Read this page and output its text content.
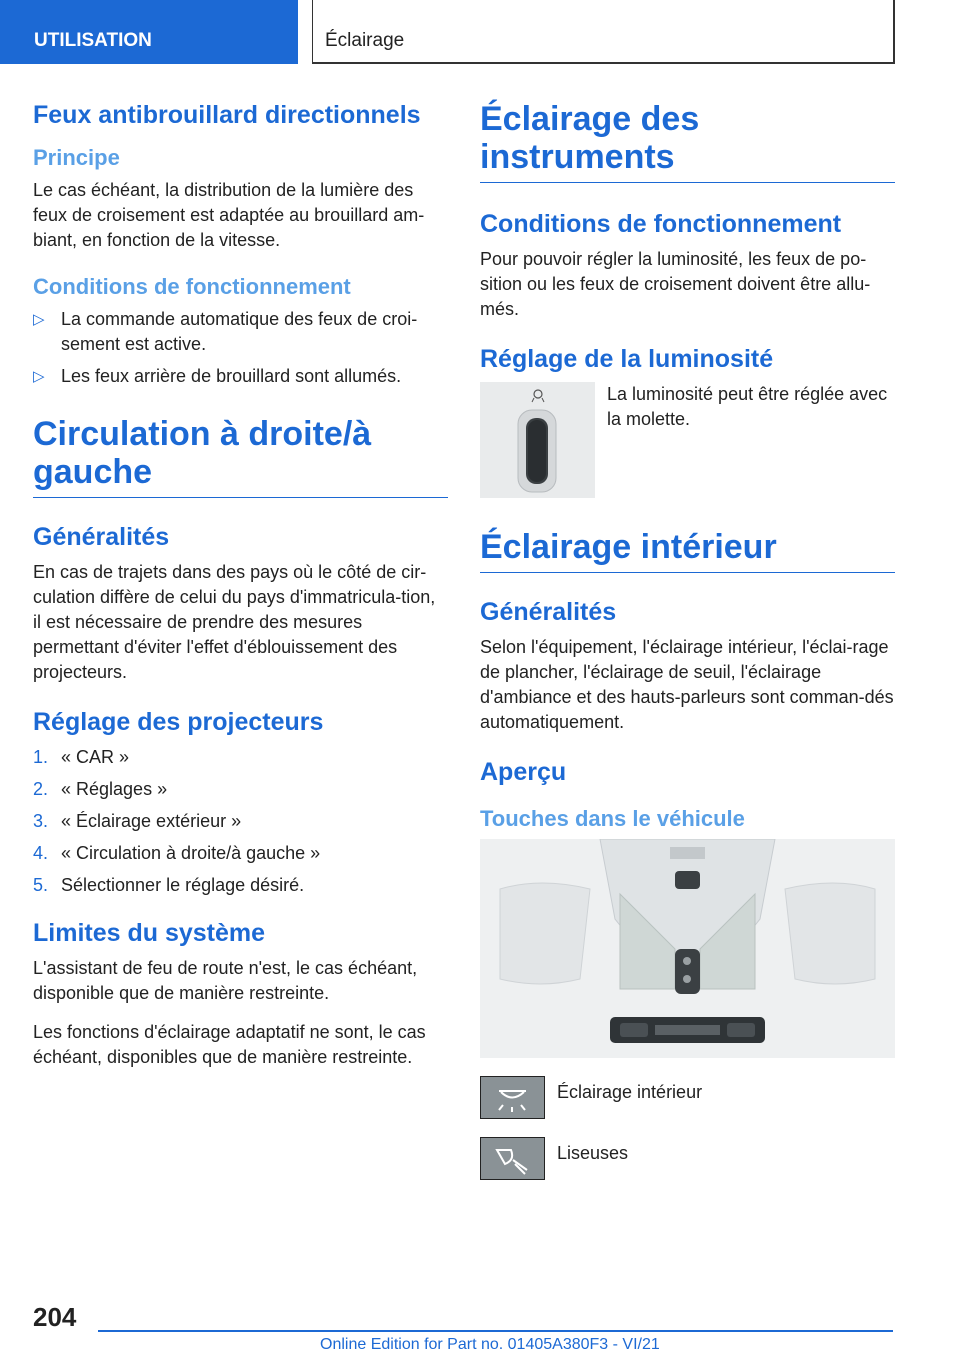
UTILISATION	Éclairage
Feux antibrouillard directionnels
Principe

Le cas échéant, la distribution de la lumière des feux de croisement est adaptée au brouillard am-biant, en fonction de la vitesse.

Conditions de fonctionnement
▷ La commande automatique des feux de croi-sement est active.
▷ Les feux arrière de brouillard sont allumés.
Circulation à droite/à gauche
Généralités

En cas de trajets dans des pays où le côté de cir-culation diffère de celui du pays d'immatricula-tion, il est nécessaire de prendre des mesures permettant d'éviter l'effet d'éblouissement des projecteurs.

Réglage des projecteurs
1. « CAR »
2. « Réglages »
3. « Éclairage extérieur »
4. « Circulation à droite/à gauche »
5. Sélectionner le réglage désiré.
Limites du système

L'assistant de feu de route n'est, le cas échéant, disponible que de manière restreinte.

Les fonctions d'éclairage adaptatif ne sont, le cas échéant, disponibles que de manière restreinte.

Éclairage des instruments
Conditions de fonctionnement

Pour pouvoir régler la luminosité, les feux de po-sition ou les feux de croisement doivent être allu-més.

Réglage de la luminosité

La luminosité peut être réglée avec la molette.

Éclairage intérieur
Généralités

Selon l'équipement, l'éclairage intérieur, l'éclai-rage de plancher, l'éclairage de seuil, l'éclairage d'ambiance et des hauts-parleurs sont comman-dés automatiquement.

Aperçu
Touches dans le véhicule

Éclairage intérieur

Liseuses

204
Online Edition for Part no. 01405A380F3 - VI/21
